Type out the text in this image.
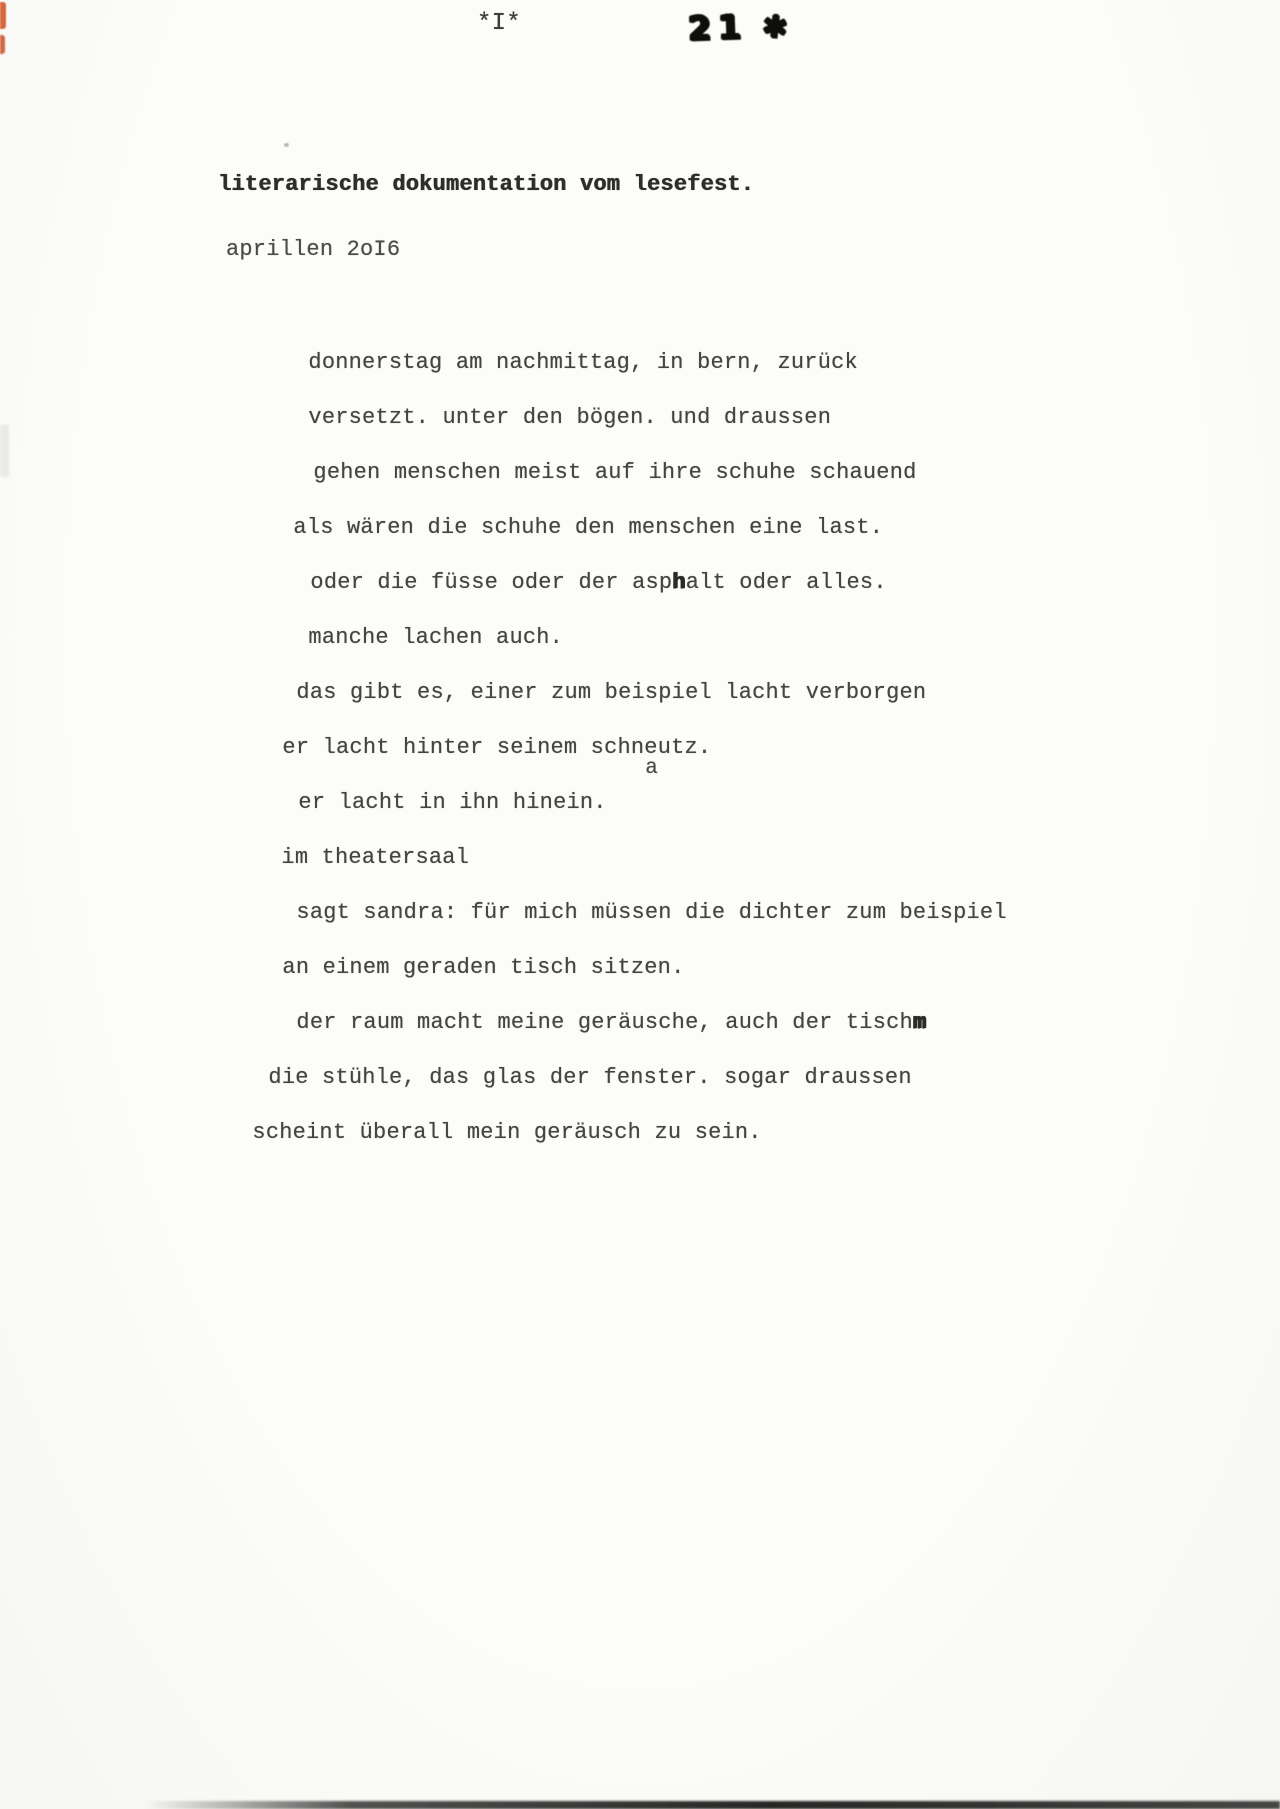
*I*	21 ✱
literarische dokumentation vom lesefest.
aprillen 2oI6

donnerstag am nachmittag, in bern, zurück

versetzt. unter den bögen. und draussen

gehen menschen meist auf ihre schuhe schauend

als wären die schuhe den menschen eine last.

oder die füsse oder der asphalt oder alles.

manche lachen auch.

das gibt es, einer zum beispiel lacht verborgen

er lacht hinter seinem schne
a
utz.

er lacht in ihn hinein.

im theatersaal

sagt sandra: für mich müssen die dichter zum beispiel

an einem geraden tisch sitzen.

der raum macht meine geräusche, auch der tischm

die stühle, das glas der fenster. sogar draussen

scheint überall mein geräusch zu sein.
